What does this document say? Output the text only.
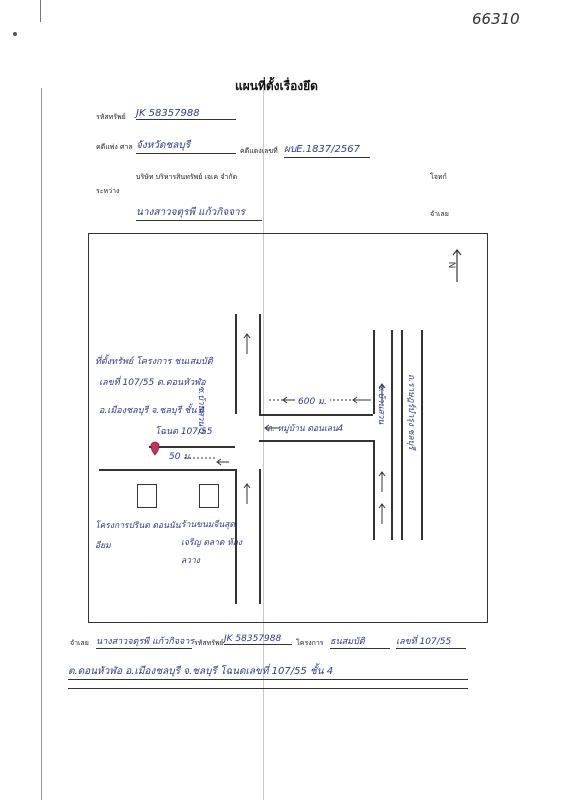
66310
แผนที่ตั้งเรื่องยึด
รหัสทรัพย์ JK 58357988
คดีแพ่ง ศาล จังหวัดชลบุรี	คดีแดงเลขที่ ผบE.1837/2567
บริษัท บริหารสินทรัพย์ เจเค จำกัด	โจทก์
ระหว่าง
นางสาวจตุรพี แก้วกิจจาร	จำเลย
N
ที่ตั้งทรัพย์ โครงการ ชนเสมบัติ
เลขที่ 107/55 ต.ดอนหัวฬ่อ
อ.เมืองชลบุรี จ.ชลบุรี ชั้น 4
โฉนด 107/55
50 ม.
600 ม.
ถ. หมู่บ้าน ดอนเลน4
ซ.บ้านสวน 5	ซ.บ้านสวน	ถ.ราษฎร์บำรุง ชลบุรี
โครงการปรินต ดอนนันอียม
ร้านขนมจีนสุด เจริญ ตลาด ห้อง ลวาง
จำเลย นางสาวจตุรพี แก้วกิจจาร รหัสทรัพย์ JK 58357988	โครงการ ธนสมบัติ	เลขที่ 107/55
ต.ดอนหัวฬ่อ อ.เมืองชลบุรี จ.ชลบุรี โฉนดเลขที่ 107/55 ชั้น 4
